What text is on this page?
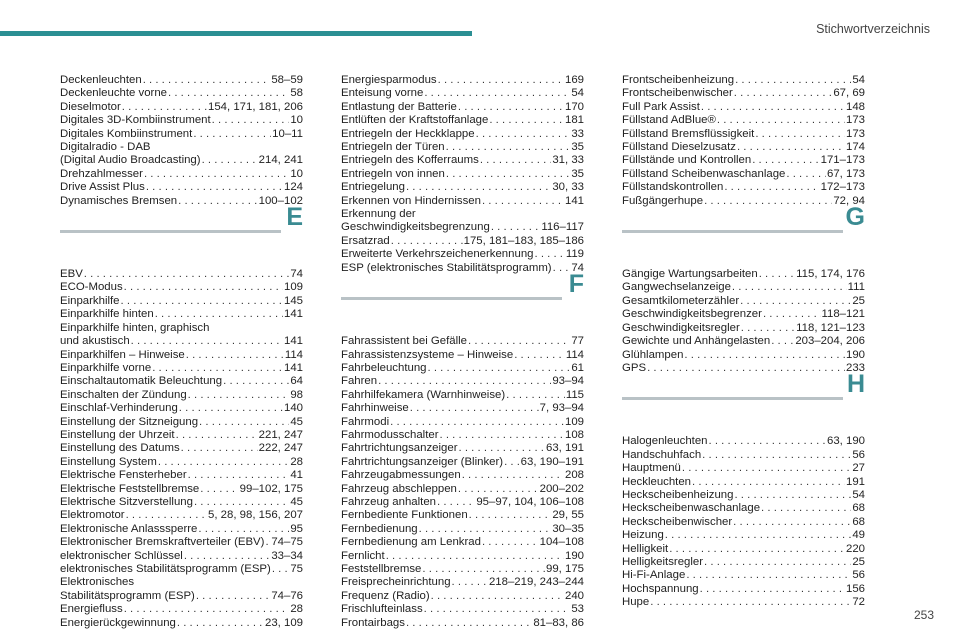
Stichwortverzeichnis
Deckenleuchten . . .	58–59
Deckenleuchte vorne . . .	58
Dieselmotor . . .	154, 171, 181, 206
Digitales 3D-Kombiinstrument . . .	10
Digitales Kombiinstrument . . .	10–11
Digitalradio - DAB
(Digital Audio Broadcasting) . . .	214, 241
Drehzahlmesser . . .	10
Drive Assist Plus . . .	124
Dynamisches Bremsen . . .	100–102
E
EBV . . .	74
ECO-Modus . . .	109
Einparkhilfe . . .	145
Einparkhilfe hinten . . .	141
Einparkhilfe hinten, graphisch
und akustisch . . .	141
Einparkhilfen – Hinweise . . .	114
Einparkhilfe vorne . . .	141
Einschaltautomatik Beleuchtung . . .	64
Einschalten der Zündung . . .	98
Einschlaf-Verhinderung . . .	140
Einstellung der Sitzneigung . . .	45
Einstellung der Uhrzeit . . .	221, 247
Einstellung des Datums . . .	222, 247
Einstellung System . . .	28
Elektrische Fensterheber . . .	41
Elektrische Feststellbremse . . .	99–102, 175
Elektrische Sitzverstellung . . .	45
Elektromotor . . .	5, 28, 98, 156, 207
Elektronische Anlasssperre . . .	95
Elektronischer Bremskraftverteiler (EBV) . . . 74–75
elektronischer Schlüssel . . .	33–34
elektronisches Stabilitätsprogramm (ESP) . . . 75
Elektronisches
Stabilitätsprogramm (ESP) . . .	74–76
Energiefluss . . .	28
Energierückgewinnung . . .	23, 109
Energiesparmodus . . .	169
Enteisung vorne . . .	54
Entlastung der Batterie . . .	170
Entlüften der Kraftstoffanlage . . .	181
Entriegeln der Heckklappe . . .	33
Entriegeln der Türen . . .	35
Entriegeln des Kofferraums . . .	31, 33
Entriegeln von innen . . .	35
Entriegelung . . .	30, 33
Erkennen von Hindernissen . . .	141
Erkennung der
Geschwindigkeitsbegrenzung . . .	116–117
Ersatzrad . . .	175, 181–183, 185–186
Erweiterte Verkehrszeichenerkennung . . .	119
ESP (elektronisches Stabilitätsprogramm) . . . 74
F
Fahrassistent bei Gefälle . . .	77
Fahrassistenzsysteme – Hinweise . . .	114
Fahrbeleuchtung . . .	61
Fahren . . .	93–94
Fahrhilfekamera (Warnhinweise) . . .	115
Fahrhinweise . . .	7, 93–94
Fahrmodi . . .	109
Fahrmodusschalter . . .	108
Fahrtrichtungsanzeiger . . .	63, 191
Fahrtrichtungsanzeiger (Blinker) . . . 63, 190–191
Fahrzeugabmessungen . . .	208
Fahrzeug abschleppen . . .	200–202
Fahrzeug anhalten . . .	95–97, 104, 106–108
Fernbediente Funktionen . . .	29, 55
Fernbedienung . . .	30–35
Fernbedienung am Lenkrad . . .	104–108
Fernlicht . . .	190
Feststellbremse . . .	99, 175
Freisprecheinrichtung . . .	218–219, 243–244
Frequenz (Radio) . . .	240
Frischlufteinlass . . .	53
Frontairbags . . .	81–83, 86
Frontscheibenheizung . . .	54
Frontscheibenwischer . . .	67, 69
Full Park Assist . . .	148
Füllstand AdBlue® . . .	173
Füllstand Bremsflüssigkeit . . .	173
Füllstand Dieselzusatz . . .	174
Füllstände und Kontrollen . . .	171–173
Füllstand Scheibenwaschanlage . . .	67, 173
Füllstandskontrollen . . .	172–173
Fußgängerhupe . . .	72, 94
G
Gängige Wartungsarbeiten . . .	115, 174, 176
Gangwechselanzeige . . .	111
Gesamtkilometerzähler . . .	25
Geschwindigkeitsbegrenzer . . .	118–121
Geschwindigkeitsregler . . .	118, 121–123
Gewichte und Anhängelasten . . . 203–204, 206
Glühlampen . . .	190
GPS . . .	233
H
Halogenleuchten . . .	63, 190
Handschuhfach . . .	56
Hauptmenü . . .	27
Heckleuchten . . .	191
Heckscheibenheizung . . .	54
Heckscheibenwaschanlage . . .	68
Heckscheibenwischer . . .	68
Heizung . . .	49
Helligkeit . . .	220
Helligkeitsregler . . .	25
Hi-Fi-Anlage . . .	56
Hochspannung . . .	156
Hupe . . .	72
253
